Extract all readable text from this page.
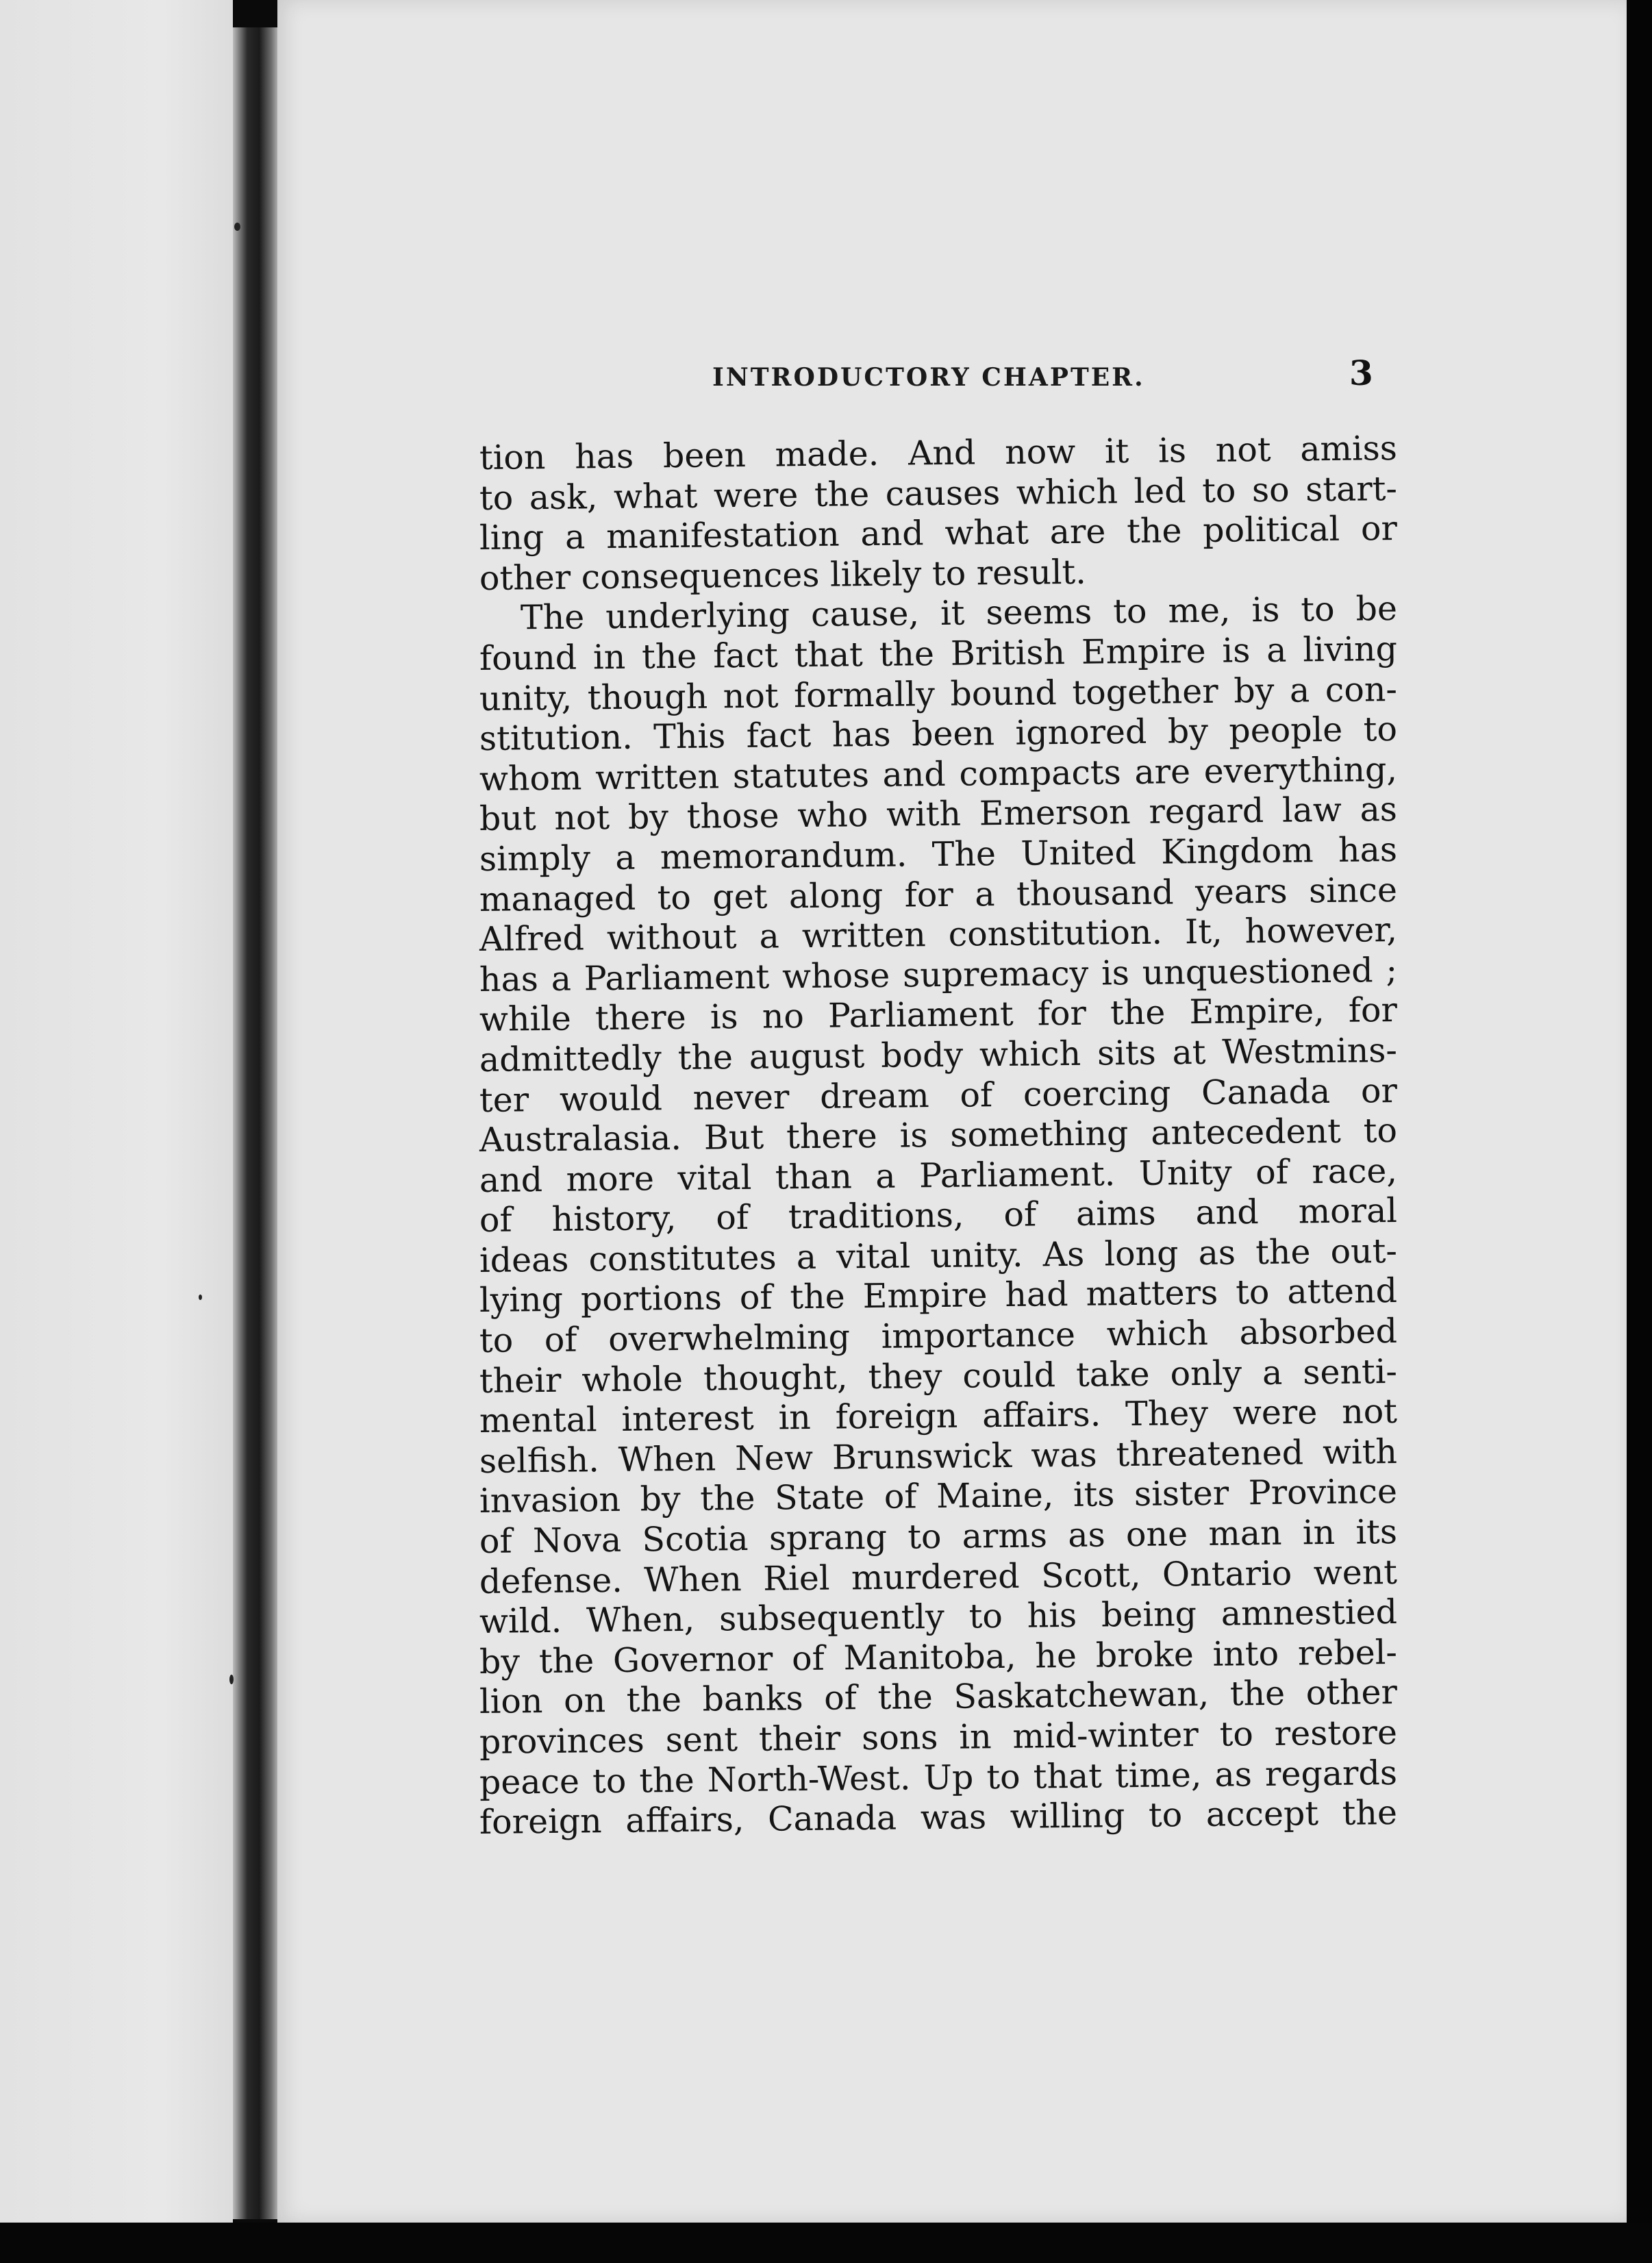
INTRODUCTORY CHAPTER.	3
tion has been made. And now it is not amiss
to ask, what were the causes which led to so start-
ling a manifestation and what are the political or
other consequences likely to result.
The underlying cause, it seems to me, is to be
found in the fact that the British Empire is a living
unity, though not formally bound together by a con-
stitution. This fact has been ignored by people to
whom written statutes and compacts are everything,
but not by those who with Emerson regard law as
simply a memorandum. The United Kingdom has
managed to get along for a thousand years since
Alfred without a written constitution. It, however,
has a Parliament whose supremacy is unquestioned ;
while there is no Parliament for the Empire, for
admittedly the august body which sits at Westmins-
ter would never dream of coercing Canada or
Australasia. But there is something antecedent to
and more vital than a Parliament. Unity of race,
of history, of traditions, of aims and moral
ideas constitutes a vital unity. As long as the out-
lying portions of the Empire had matters to attend
to of overwhelming importance which absorbed
their whole thought, they could take only a senti-
mental interest in foreign affairs. They were not
selfish. When New Brunswick was threatened with
invasion by the State of Maine, its sister Province
of Nova Scotia sprang to arms as one man in its
defense. When Riel murdered Scott, Ontario went
wild. When, subsequently to his being amnestied
by the Governor of Manitoba, he broke into rebel-
lion on the banks of the Saskatchewan, the other
provinces sent their sons in mid-winter to restore
peace to the North-West. Up to that time, as regards
foreign affairs, Canada was willing to accept the
